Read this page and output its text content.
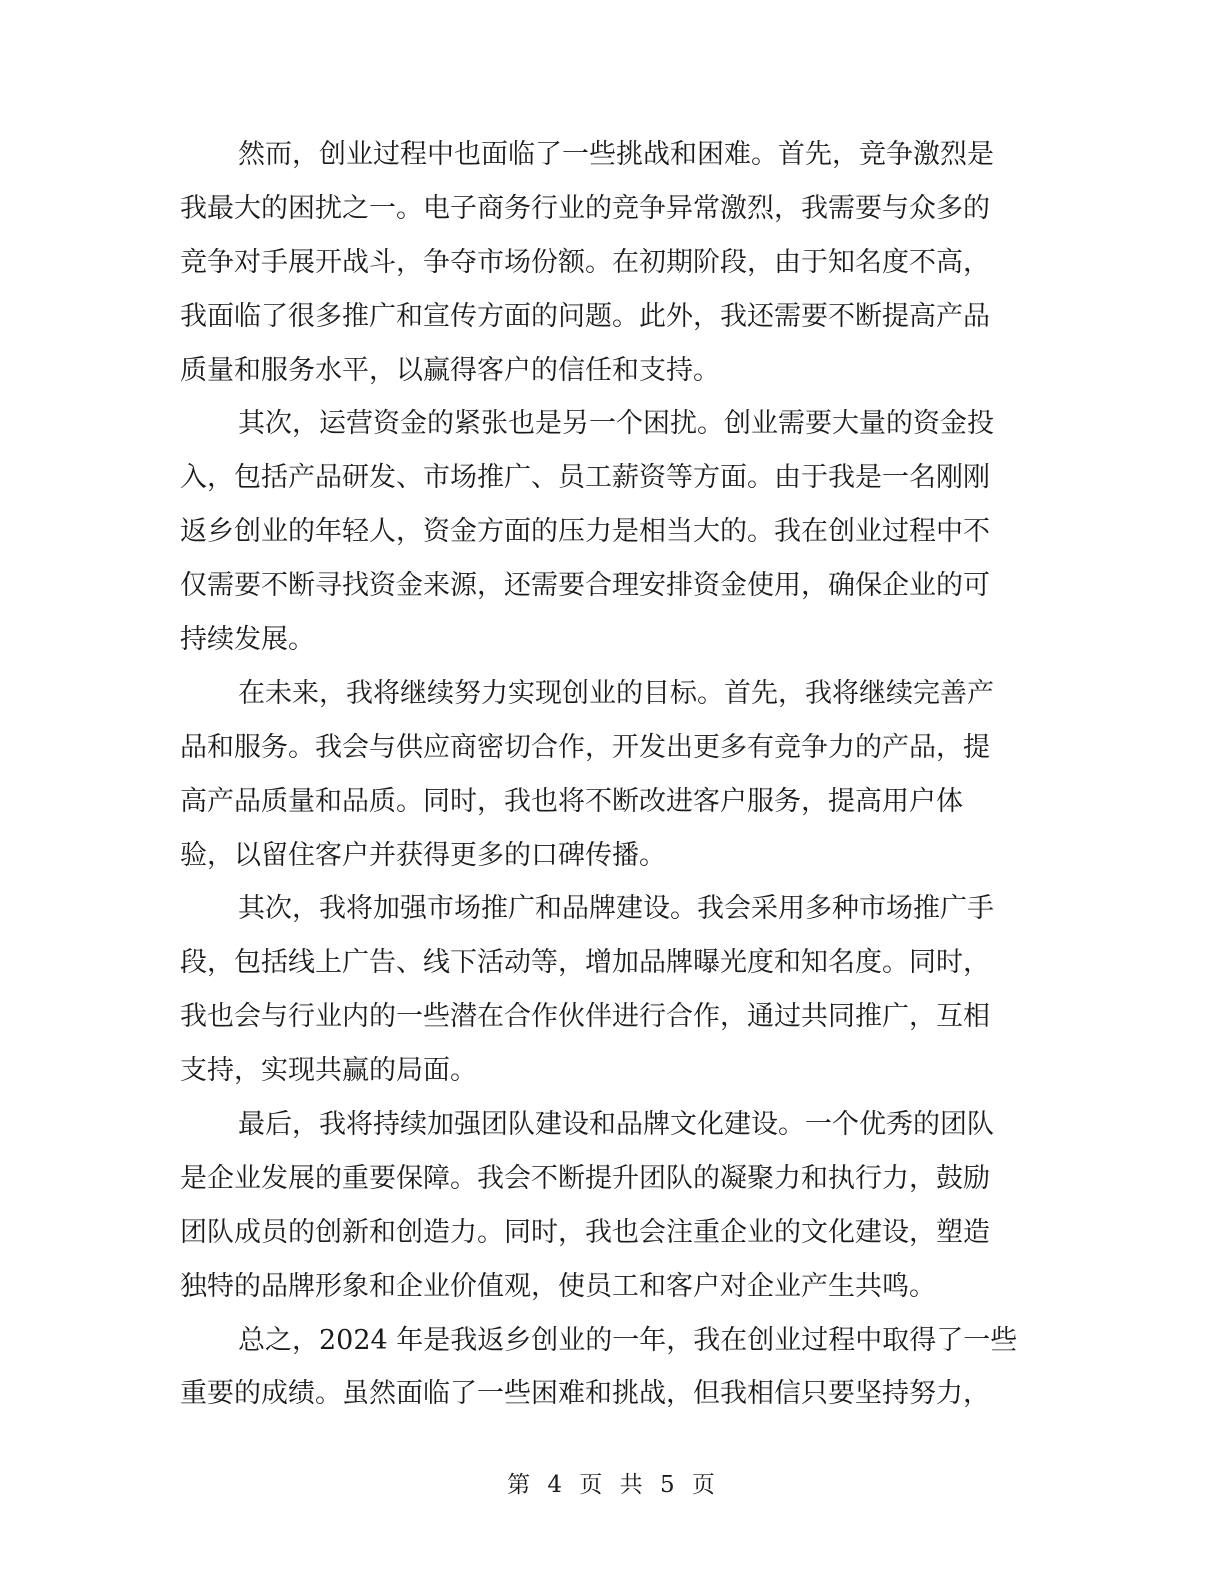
然而，创业过程中也面临了一些挑战和困难。首先，竞争激烈是
我最大的困扰之一。电子商务行业的竞争异常激烈，我需要与众多的
竞争对手展开战斗，争夺市场份额。在初期阶段，由于知名度不高，
我面临了很多推广和宣传方面的问题。此外，我还需要不断提高产品
质量和服务水平，以赢得客户的信任和支持。
其次，运营资金的紧张也是另一个困扰。创业需要大量的资金投
入，包括产品研发、市场推广、员工薪资等方面。由于我是一名刚刚
返乡创业的年轻人，资金方面的压力是相当大的。我在创业过程中不
仅需要不断寻找资金来源，还需要合理安排资金使用，确保企业的可
持续发展。
在未来，我将继续努力实现创业的目标。首先，我将继续完善产
品和服务。我会与供应商密切合作，开发出更多有竞争力的产品，提
高产品质量和品质。同时，我也将不断改进客户服务，提高用户体
验，以留住客户并获得更多的口碑传播。
其次，我将加强市场推广和品牌建设。我会采用多种市场推广手
段，包括线上广告、线下活动等，增加品牌曝光度和知名度。同时，
我也会与行业内的一些潜在合作伙伴进行合作，通过共同推广，互相
支持，实现共赢的局面。
最后，我将持续加强团队建设和品牌文化建设。一个优秀的团队
是企业发展的重要保障。我会不断提升团队的凝聚力和执行力，鼓励
团队成员的创新和创造力。同时，我也会注重企业的文化建设，塑造
独特的品牌形象和企业价值观，使员工和客户对企业产生共鸣。
总之，2024 年是我返乡创业的一年，我在创业过程中取得了一些
重要的成绩。虽然面临了一些困难和挑战，但我相信只要坚持努力，
第 4 页 共 5 页
